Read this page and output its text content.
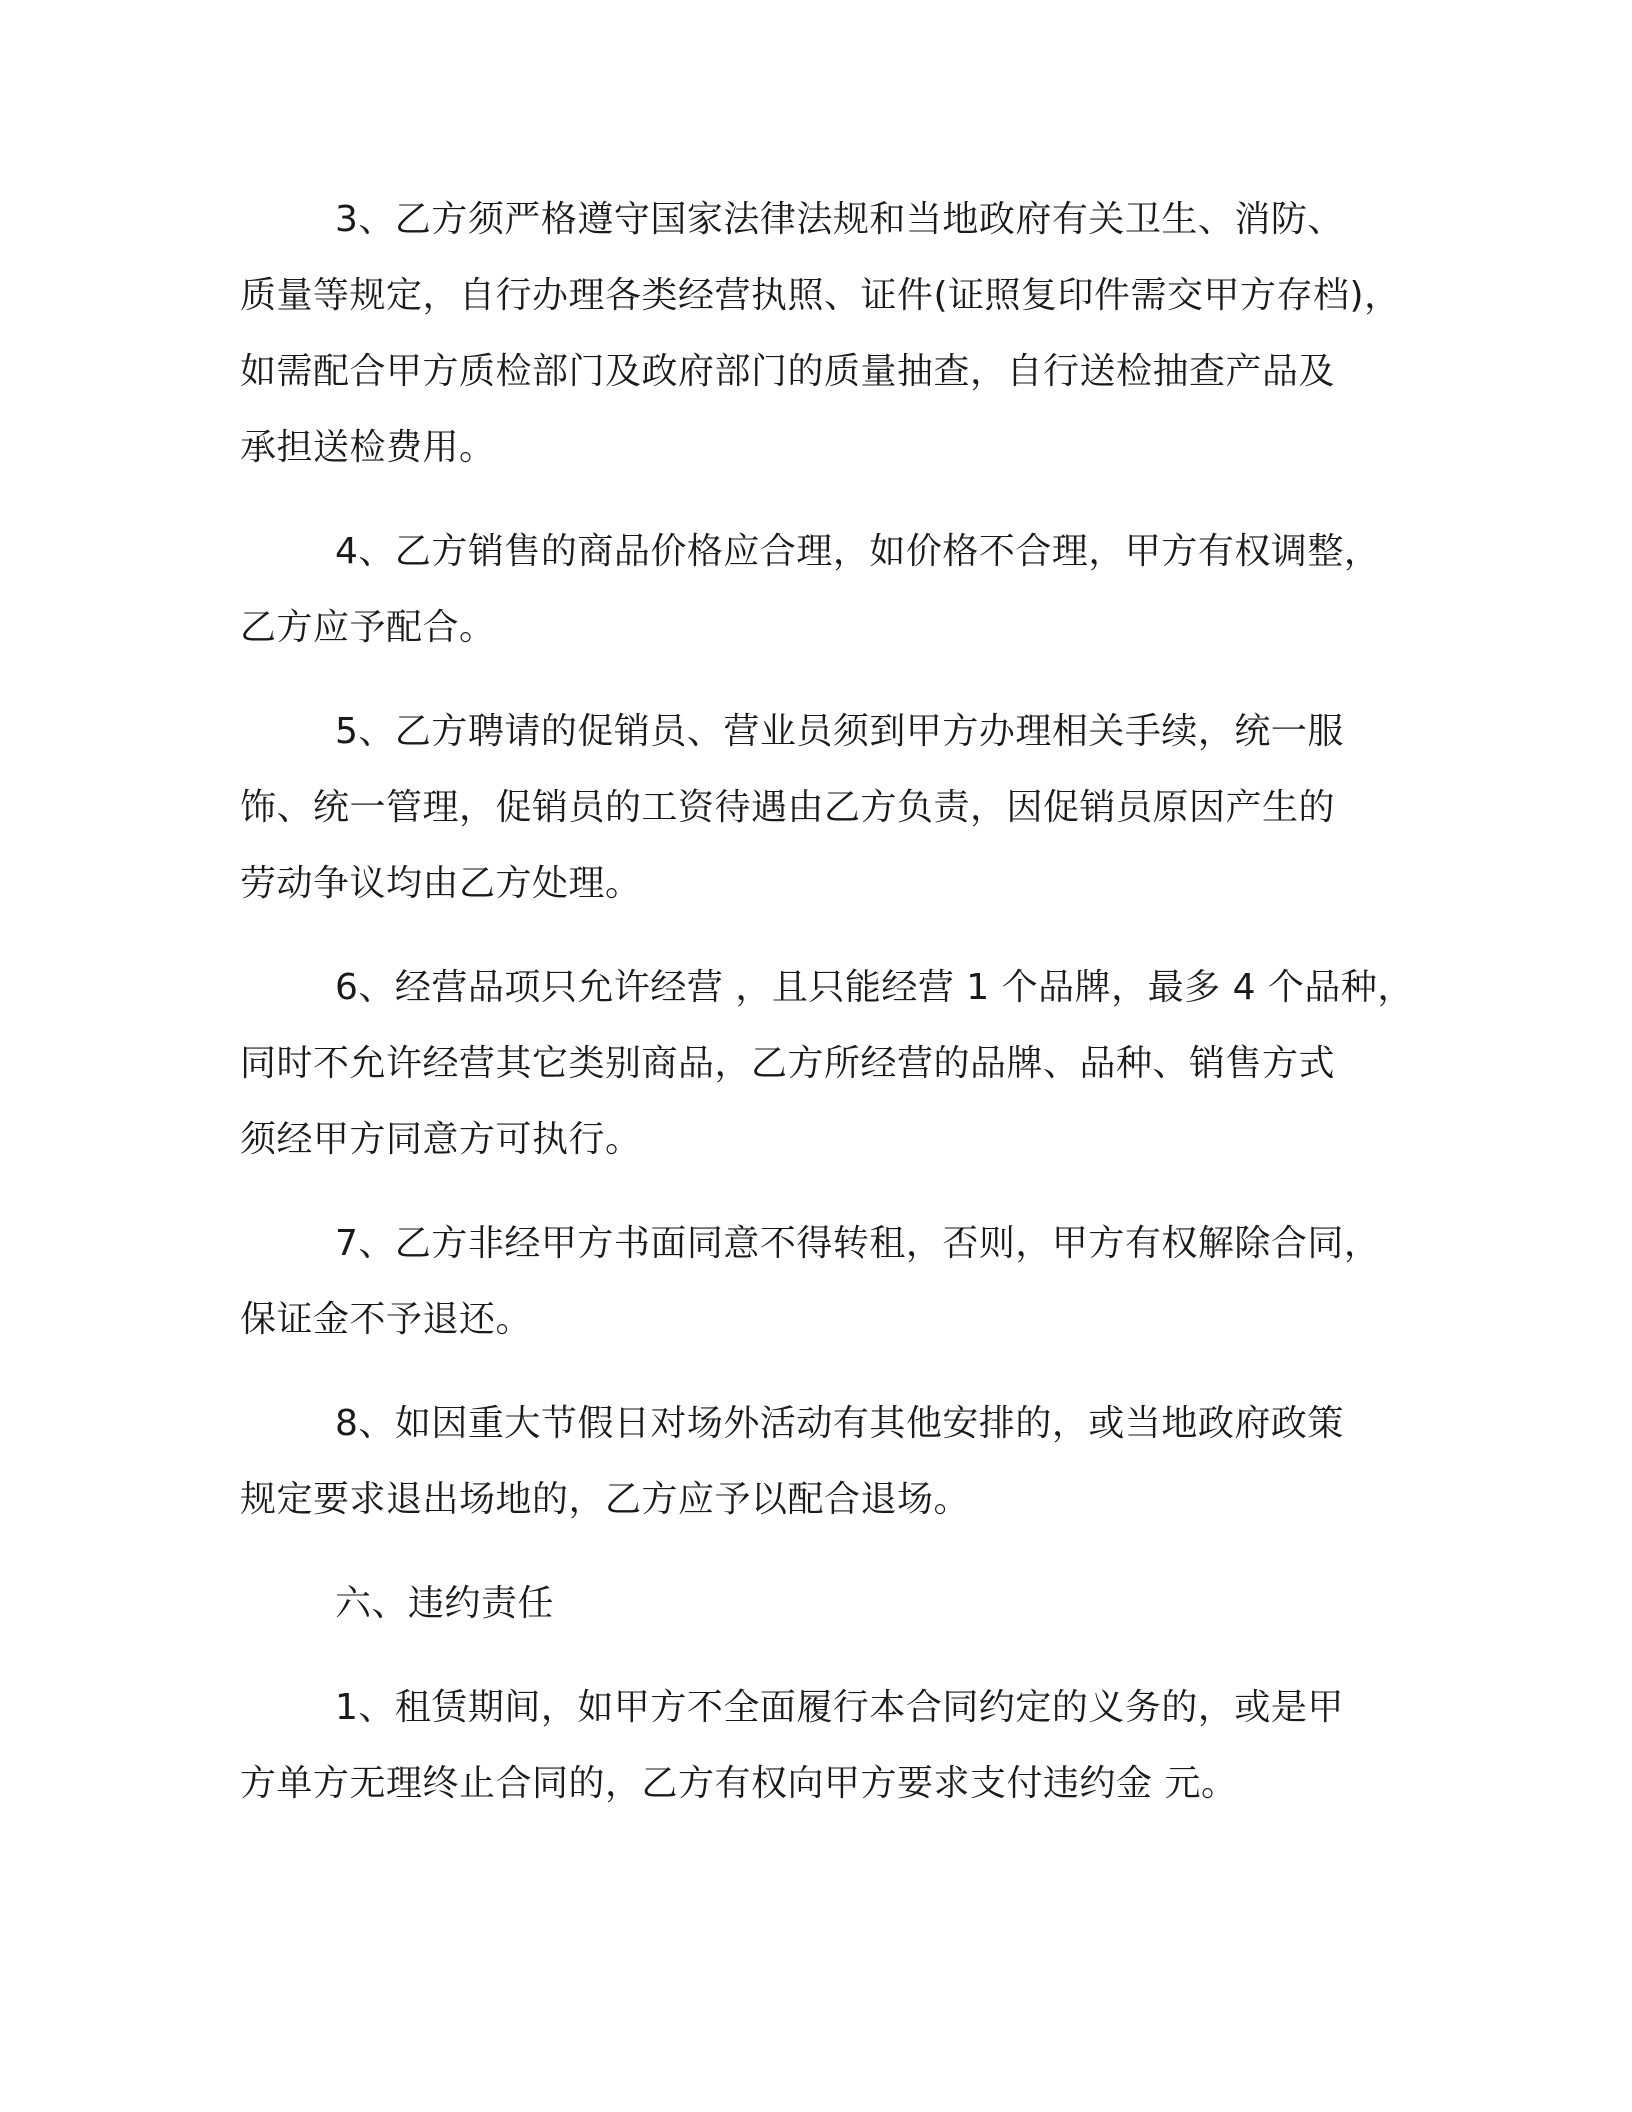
3、乙方须严格遵守国家法律法规和当地政府有关卫生、消防、
质量等规定，自行办理各类经营执照、证件(证照复印件需交甲方存档)，
如需配合甲方质检部门及政府部门的质量抽查，自行送检抽查产品及
承担送检费用。
4、乙方销售的商品价格应合理，如价格不合理，甲方有权调整，
乙方应予配合。
5、乙方聘请的促销员、营业员须到甲方办理相关手续，统一服
饰、统一管理，促销员的工资待遇由乙方负责，因促销员原因产生的
劳动争议均由乙方处理。
6、经营品项只允许经营 ，且只能经营 1 个品牌，最多 4 个品种，
同时不允许经营其它类别商品，乙方所经营的品牌、品种、销售方式
须经甲方同意方可执行。
7、乙方非经甲方书面同意不得转租，否则，甲方有权解除合同，
保证金不予退还。
8、如因重大节假日对场外活动有其他安排的，或当地政府政策
规定要求退出场地的，乙方应予以配合退场。
六、违约责任
1、租赁期间，如甲方不全面履行本合同约定的义务的，或是甲
方单方无理终止合同的，乙方有权向甲方要求支付违约金 元。
